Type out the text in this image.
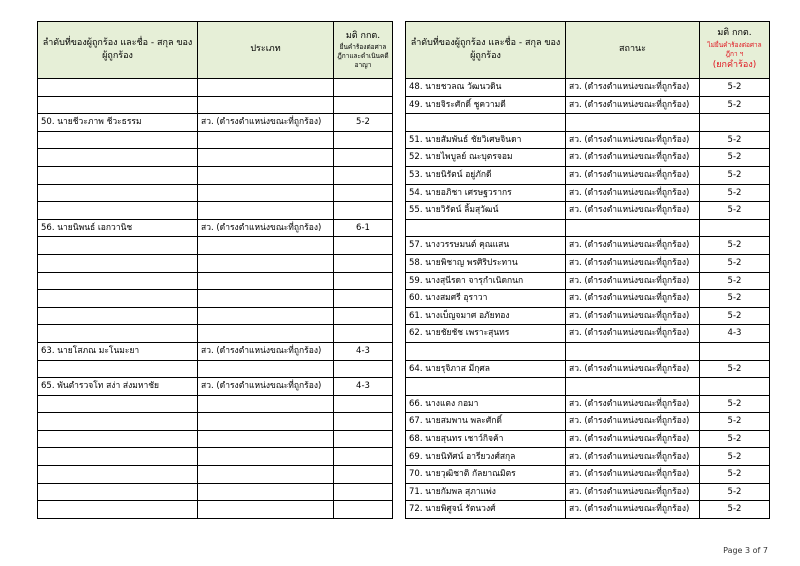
ลำดับที่ของผู้ถูกร้อง และชื่อ - สกุล ของผู้ถูกร้อง	ประเภท	มติ กกต.
ยื่นคำร้องต่อศาลฎีกาและดำเนินคดีอาญา

50. นายชีวะภาพ ชีวะธรรม	สว. (ดำรงตำแหน่งขณะที่ถูกร้อง)	5-2

56. นายนิพนธ์ เอกวานิช	สว. (ดำรงตำแหน่งขณะที่ถูกร้อง)	6-1

63. นายโสภณ มะโนมะยา	สว. (ดำรงตำแหน่งขณะที่ถูกร้อง)	4-3

65. พันตำรวจโท สง่า ส่งมหาชัย	สว. (ดำรงตำแหน่งขณะที่ถูกร้อง)	4-3

ลำดับที่ของผู้ถูกร้อง และชื่อ - สกุล ของผู้ถูกร้อง	สถานะ	มติ กกต.
ไม่ยื่นคำร้องต่อศาลฎีกา ฯ
(ยกคำร้อง)
48. นายชวลณ วัฒนวดิน	สว. (ดำรงตำแหน่งขณะที่ถูกร้อง)	5-2
49. นายจิระศักดิ์ ชูความดี	สว. (ดำรงตำแหน่งขณะที่ถูกร้อง)	5-2

51. นายสัมพันธ์ ชัยวิเศษจินดา	สว. (ดำรงตำแหน่งขณะที่ถูกร้อง)	5-2
52. นายไพบูลย์ ณะบุตรจอม	สว. (ดำรงตำแหน่งขณะที่ถูกร้อง)	5-2
53. นายนิรัตน์ อยู่ภักดี	สว. (ดำรงตำแหน่งขณะที่ถูกร้อง)	5-2
54. นายอภิชา เศรษฐวรากร	สว. (ดำรงตำแหน่งขณะที่ถูกร้อง)	5-2
55. นายวิรัตน์ ลิ้มสุวัฒน์	สว. (ดำรงตำแหน่งขณะที่ถูกร้อง)	5-2

57. นางวรรษมนต์ คุณแสน	สว. (ดำรงตำแหน่งขณะที่ถูกร้อง)	5-2
58. นายพิชาญ พรศิริประทาน	สว. (ดำรงตำแหน่งขณะที่ถูกร้อง)	5-2
59. นางสุนีรดา จารุกำเนิดกนก	สว. (ดำรงตำแหน่งขณะที่ถูกร้อง)	5-2
60. นางสมศรี อุราวา	สว. (ดำรงตำแหน่งขณะที่ถูกร้อง)	5-2
61. นางเบ็ญจมาศ อภัยทอง	สว. (ดำรงตำแหน่งขณะที่ถูกร้อง)	5-2
62. นายชัยชัช เพราะสุนทร	สว. (ดำรงตำแหน่งขณะที่ถูกร้อง)	4-3

64. นายรุจิภาส มีกุศล	สว. (ดำรงตำแหน่งขณะที่ถูกร้อง)	5-2

66. นางแตง กอมา	สว. (ดำรงตำแหน่งขณะที่ถูกร้อง)	5-2
67. นายสมพาน พละศักดิ์	สว. (ดำรงตำแหน่งขณะที่ถูกร้อง)	5-2
68. นายสุนทร เชาว์กิจค้า	สว. (ดำรงตำแหน่งขณะที่ถูกร้อง)	5-2
69. นายนิทัศน์ อารียวงศ์สกุล	สว. (ดำรงตำแหน่งขณะที่ถูกร้อง)	5-2
70. นายวุฒิชาติ กัลยาณมิตร	สว. (ดำรงตำแหน่งขณะที่ถูกร้อง)	5-2
71. นายกัมพล สุภาแพ่ง	สว. (ดำรงตำแหน่งขณะที่ถูกร้อง)	5-2
72. นายพิศูจน์ รัตนวงศ์	สว. (ดำรงตำแหน่งขณะที่ถูกร้อง)	5-2
Page 3 of 7
